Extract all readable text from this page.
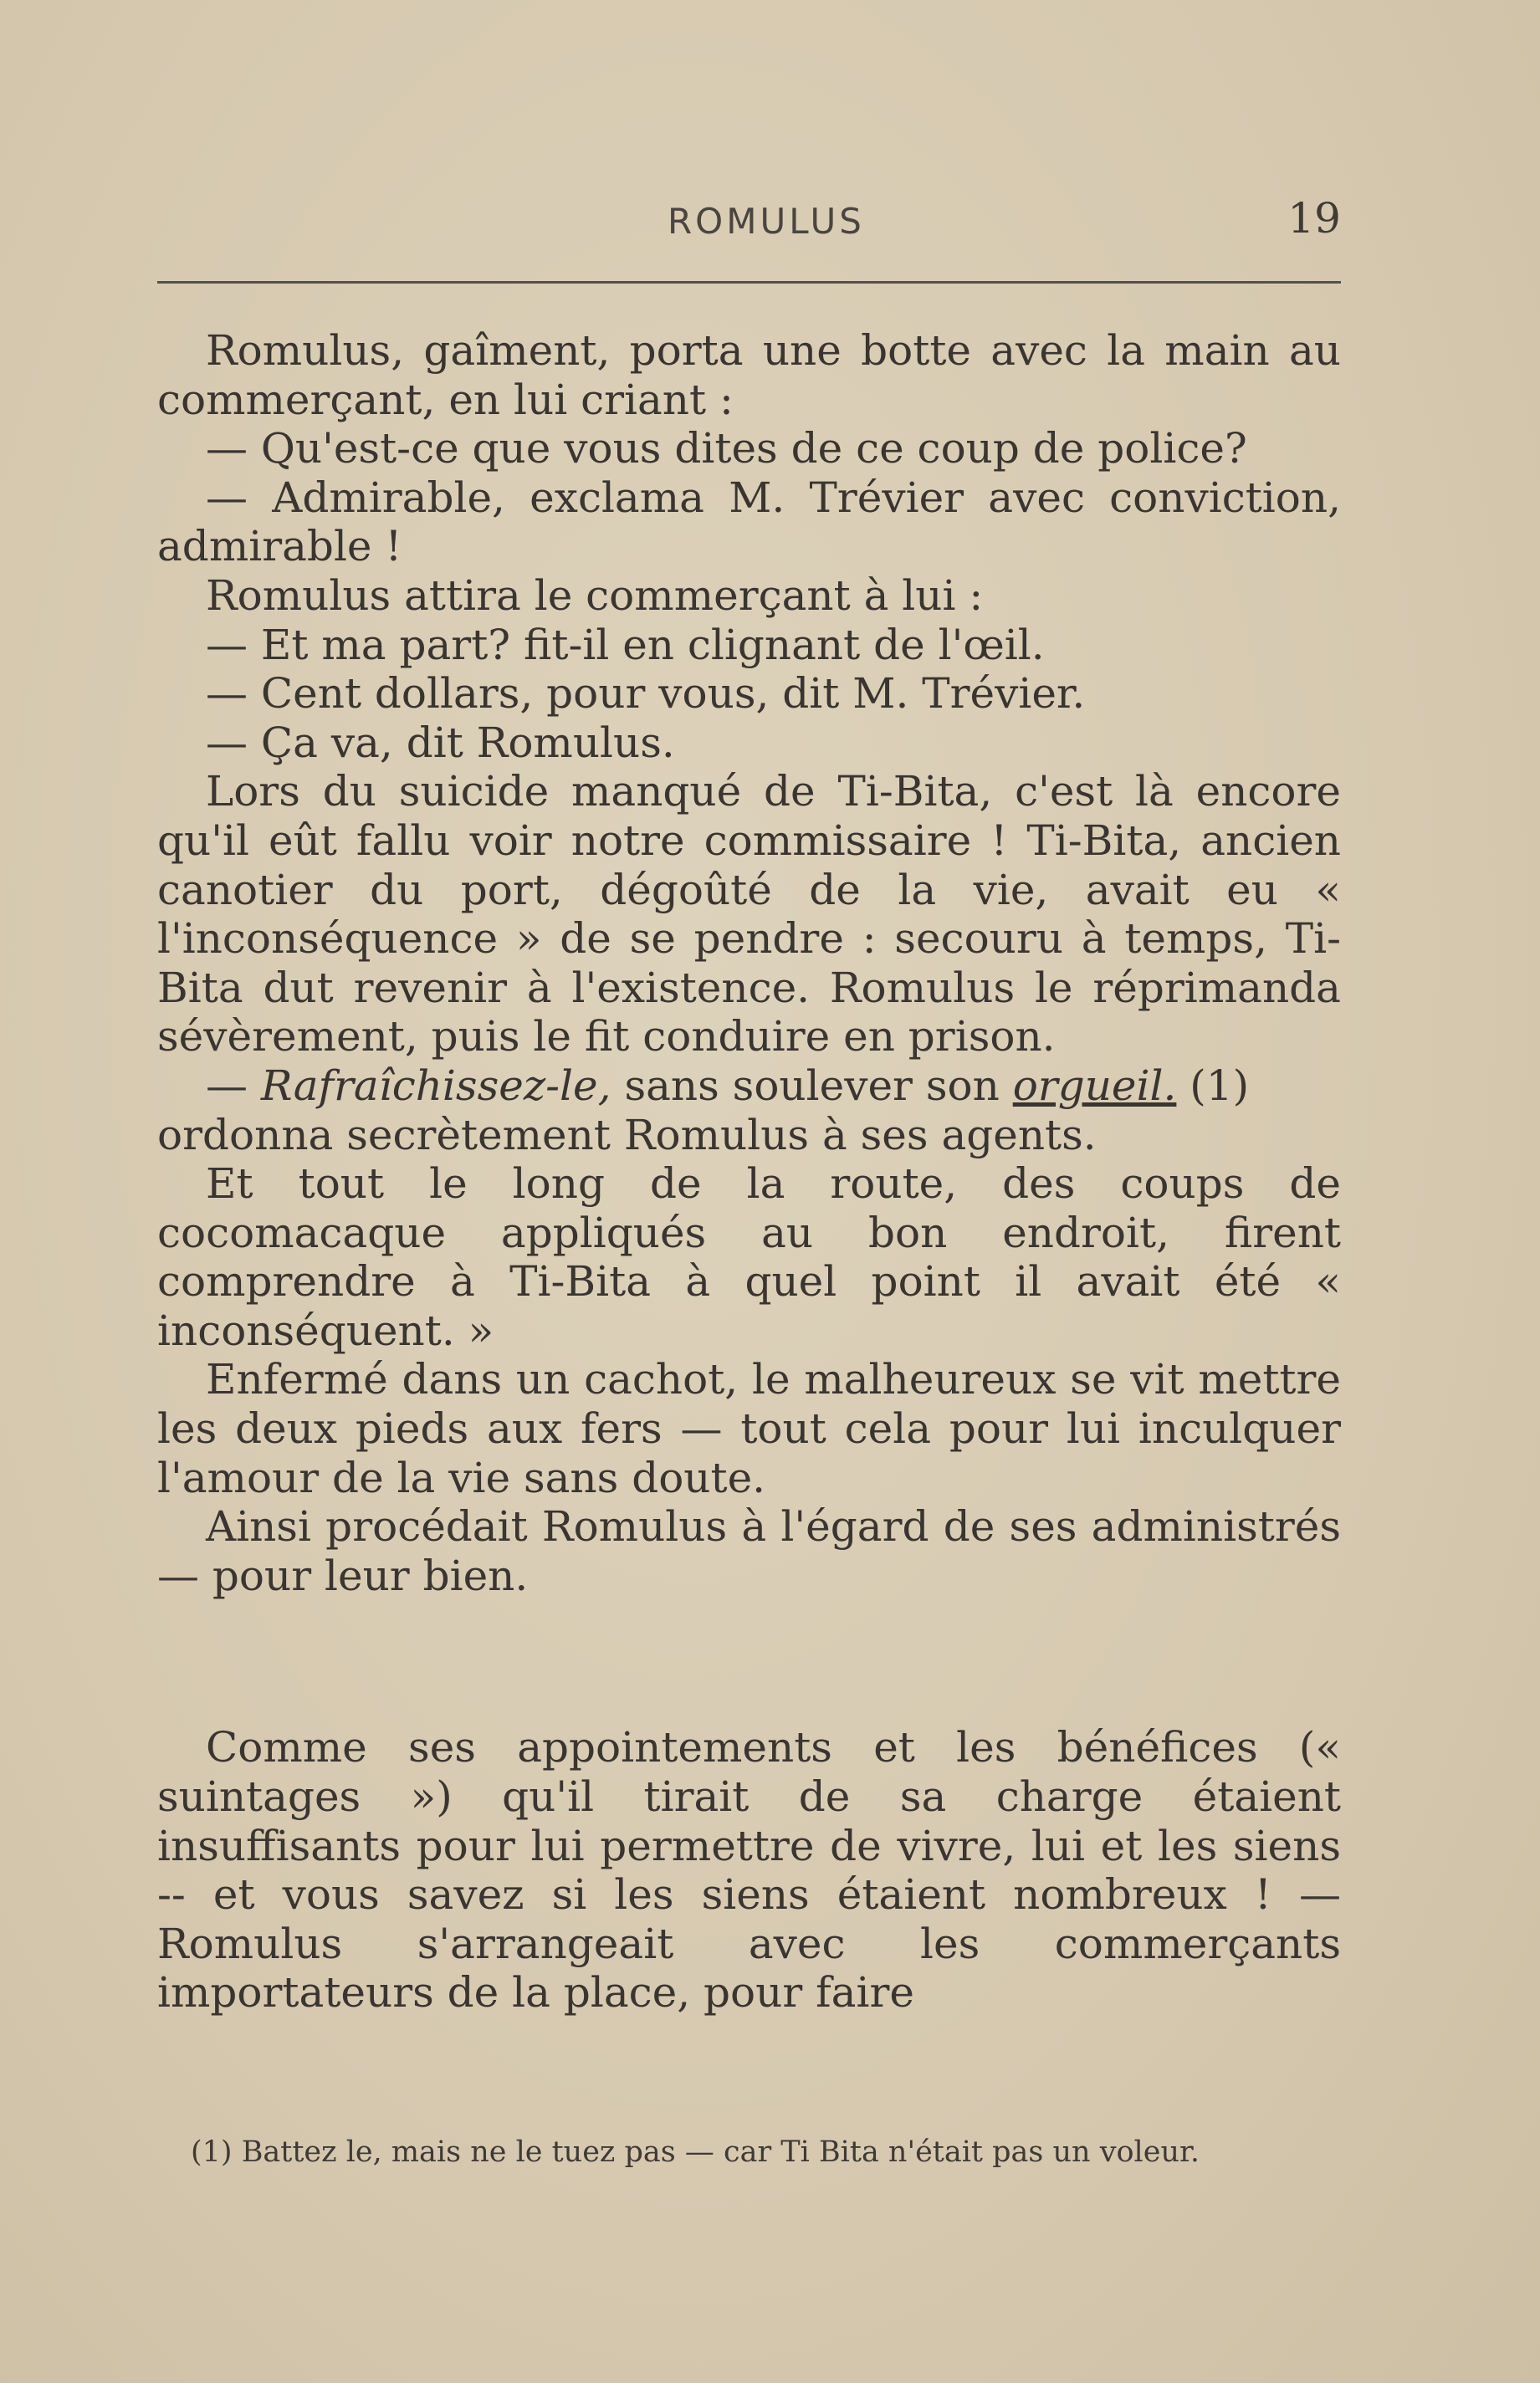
ROMULUS	19

Romulus, gaîment, porta une botte avec la main au commerçant, en lui criant :

— Qu'est-ce que vous dites de ce coup de police?

— Admirable, exclama M. Trévier avec conviction, admirable !

Romulus attira le commerçant à lui :

— Et ma part? fit-il en clignant de l'œil.

— Cent dollars, pour vous, dit M. Trévier.

— Ça va, dit Romulus.

Lors du suicide manqué de Ti-Bita, c'est là encore qu'il eût fallu voir notre commissaire ! Ti-Bita, ancien canotier du port, dégoûté de la vie, avait eu « l'inconséquence » de se pendre : secouru à temps, Ti-Bita dut revenir à l'existence. Romulus le réprimanda sévèrement, puis le fit conduire en prison.

— Rafraîchissez-le, sans soulever son orgueil. (1)

ordonna secrètement Romulus à ses agents.

Et tout le long de la route, des coups de cocomacaque appliqués au bon endroit, firent comprendre à Ti-Bita à quel point il avait été « inconséquent. »

Enfermé dans un cachot, le malheureux se vit mettre les deux pieds aux fers — tout cela pour lui inculquer l'amour de la vie sans doute.

Ainsi procédait Romulus à l'égard de ses administrés — pour leur bien.

Comme ses appointements et les bénéfices (« suintages ») qu'il tirait de sa charge étaient insuffisants pour lui permettre de vivre, lui et les siens -- et vous savez si les siens étaient nombreux ! — Romulus s'arrangeait avec les commerçants importateurs de la place, pour faire

(1) Battez le, mais ne le tuez pas — car Ti Bita n'était pas un voleur.
